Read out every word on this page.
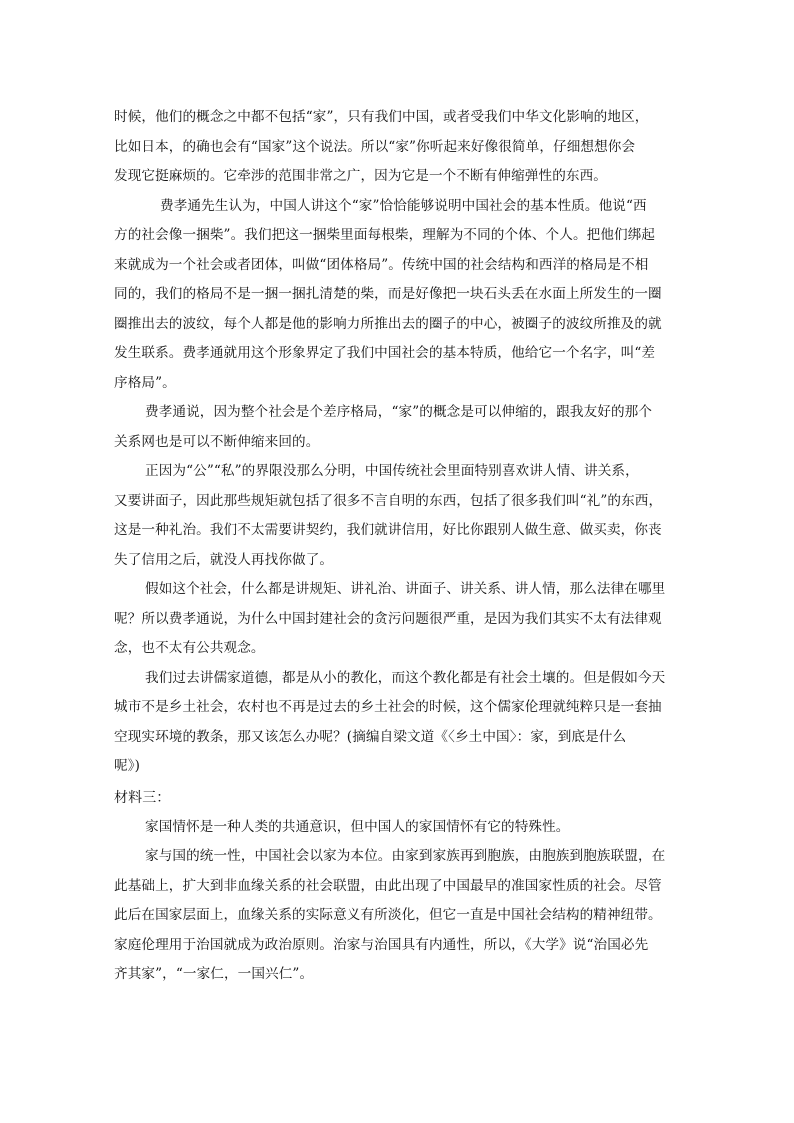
时候，他们的概念之中都不包括“家”，只有我们中国，或者受我们中华文化影响的地区，
比如日本，的确也会有“国家”这个说法。所以“家”你听起来好像很简单，仔细想想你会
发现它挺麻烦的。它牵涉的范围非常之广，因为它是一个不断有伸缩弹性的东西。
费孝通先生认为，中国人讲这个“家”恰恰能够说明中国社会的基本性质。他说“西
方的社会像一捆柴”。我们把这一捆柴里面每根柴，理解为不同的个体、个人。把他们绑起
来就成为一个社会或者团体，叫做“团体格局”。传统中国的社会结构和西洋的格局是不相
同的，我们的格局不是一捆一捆扎清楚的柴，而是好像把一块石头丢在水面上所发生的一圈
圈推出去的波纹，每个人都是他的影响力所推出去的圈子的中心，被圈子的波纹所推及的就
发生联系。费孝通就用这个形象界定了我们中国社会的基本特质，他给它一个名字，叫“差
序格局”。
费孝通说，因为整个社会是个差序格局，“家”的概念是可以伸缩的，跟我友好的那个
关系网也是可以不断伸缩来回的。
正因为“公”“私”的界限没那么分明，中国传统社会里面特别喜欢讲人情、讲关系，
又要讲面子，因此那些规矩就包括了很多不言自明的东西，包括了很多我们叫“礼”的东西，
这是一种礼治。我们不太需要讲契约，我们就讲信用，好比你跟别人做生意、做买卖，你丧
失了信用之后，就没人再找你做了。
假如这个社会，什么都是讲规矩、讲礼治、讲面子、讲关系、讲人情，那么法律在哪里
呢？所以费孝通说，为什么中国封建社会的贪污问题很严重，是因为我们其实不太有法律观
念，也不太有公共观念。
我们过去讲儒家道德，都是从小的教化，而这个教化都是有社会土壤的。但是假如今天
城市不是乡土社会，农村也不再是过去的乡土社会的时候，这个儒家伦理就纯粹只是一套抽
空现实环境的教条，那又该怎么办呢？(摘编自梁文道《〈乡土中国〉：家，到底是什么
呢》)
材料三：
家国情怀是一种人类的共通意识，但中国人的家国情怀有它的特殊性。
家与国的统一性，中国社会以家为本位。由家到家族再到胞族，由胞族到胞族联盟，在
此基础上，扩大到非血缘关系的社会联盟，由此出现了中国最早的准国家性质的社会。尽管
此后在国家层面上，血缘关系的实际意义有所淡化，但它一直是中国社会结构的精神纽带。
家庭伦理用于治国就成为政治原则。治家与治国具有内通性，所以，《大学》说“治国必先
齐其家”，“一家仁，一国兴仁”。
